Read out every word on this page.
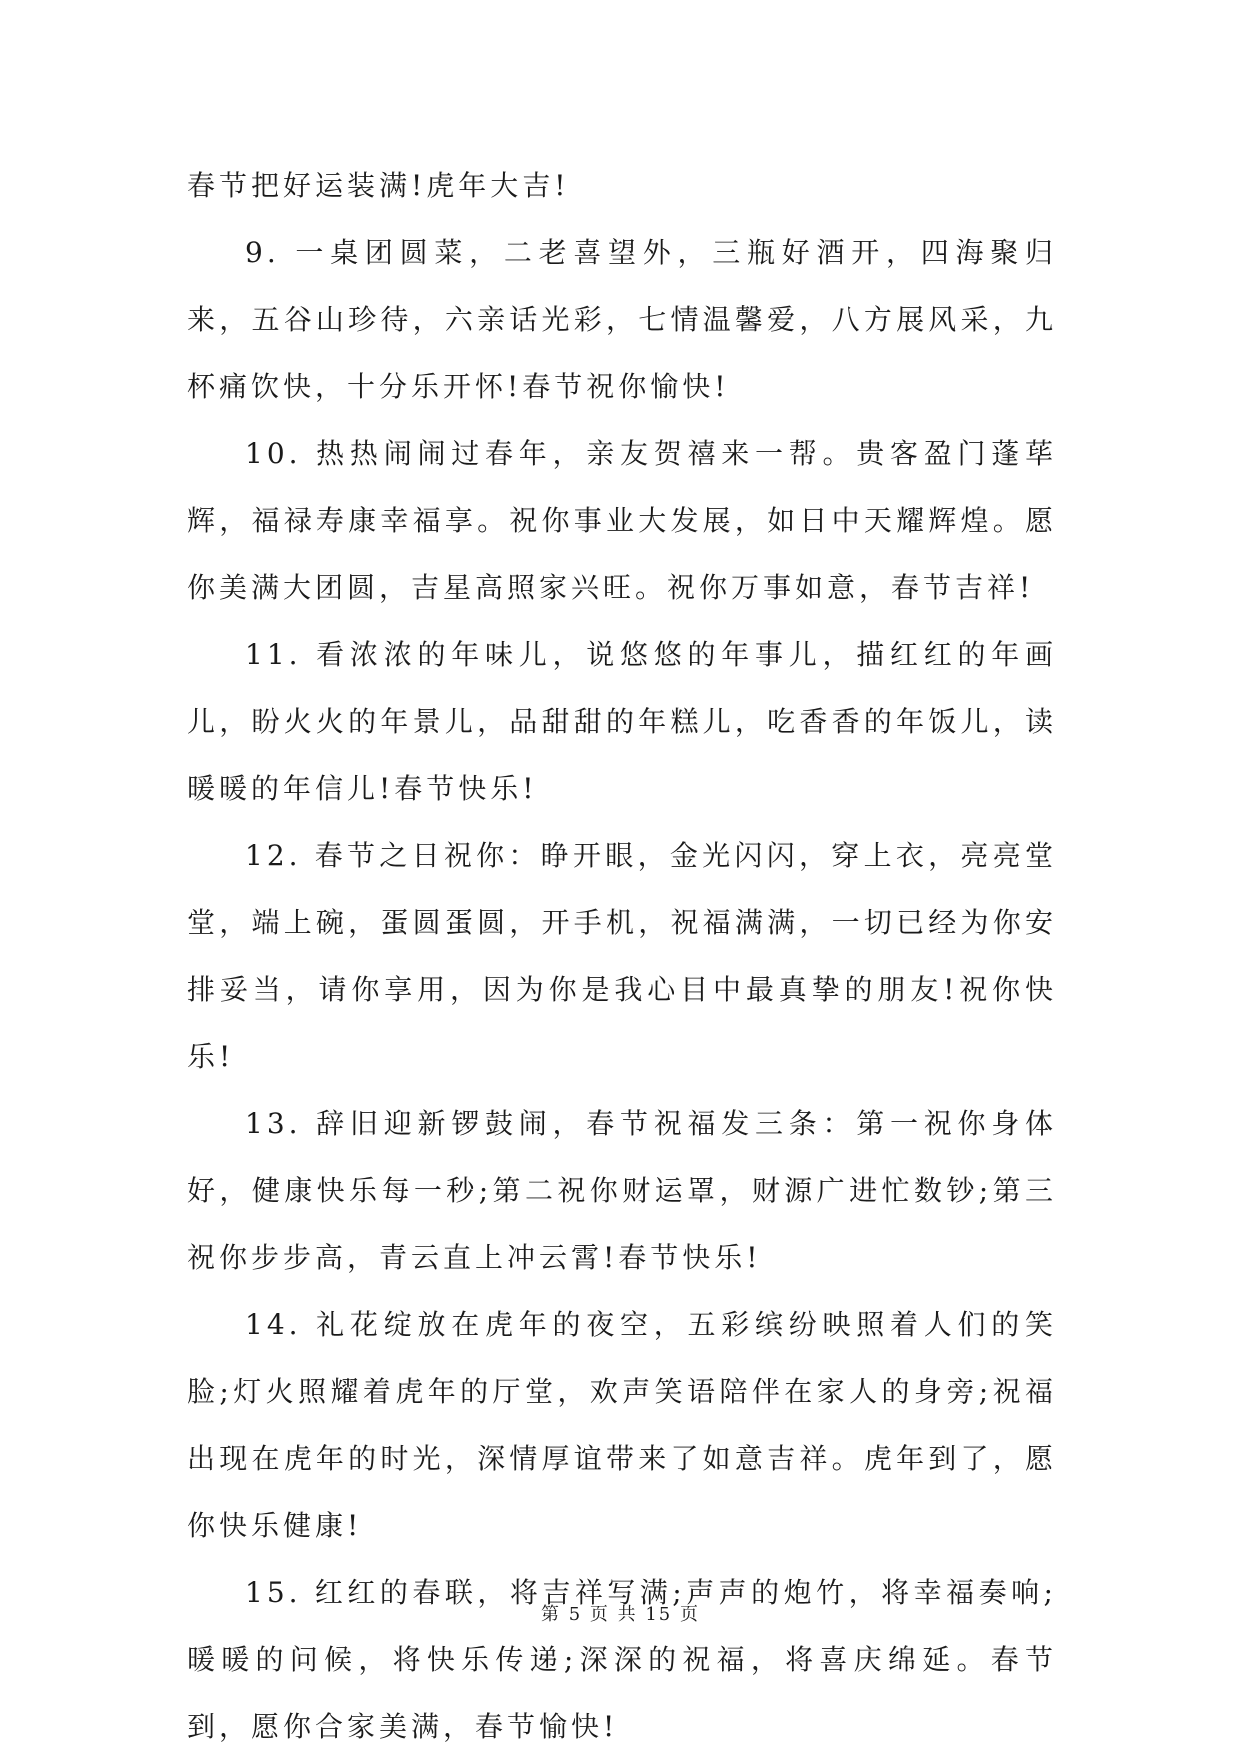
春节把好运装满!虎年大吉!

9. 一桌团圆菜，二老喜望外，三瓶好酒开，四海聚归来，五谷山珍待，六亲话光彩，七情温馨爱，八方展风采，九杯痛饮快，十分乐开怀!春节祝你愉快!

10. 热热闹闹过春年，亲友贺禧来一帮。贵客盈门蓬荜辉，福禄寿康幸福享。祝你事业大发展，如日中天耀辉煌。愿你美满大团圆，吉星高照家兴旺。祝你万事如意，春节吉祥!

11. 看浓浓的年味儿，说悠悠的年事儿，描红红的年画儿，盼火火的年景儿，品甜甜的年糕儿，吃香香的年饭儿，读暖暖的年信儿!春节快乐!

12. 春节之日祝你：睁开眼，金光闪闪，穿上衣，亮亮堂堂，端上碗，蛋圆蛋圆，开手机，祝福满满，一切已经为你安排妥当，请你享用，因为你是我心目中最真挚的朋友!祝你快乐!

13. 辞旧迎新锣鼓闹，春节祝福发三条：第一祝你身体好，健康快乐每一秒;第二祝你财运罩，财源广进忙数钞;第三祝你步步高，青云直上冲云霄!春节快乐!

14. 礼花绽放在虎年的夜空，五彩缤纷映照着人们的笑脸;灯火照耀着虎年的厅堂，欢声笑语陪伴在家人的身旁;祝福出现在虎年的时光，深情厚谊带来了如意吉祥。虎年到了，愿你快乐健康!

15. 红红的春联，将吉祥写满;声声的炮竹，将幸福奏响;暖暖的问候，将快乐传递;深深的祝福，将喜庆绵延。春节到，愿你合家美满，春节愉快!

第 5 页 共 15 页
